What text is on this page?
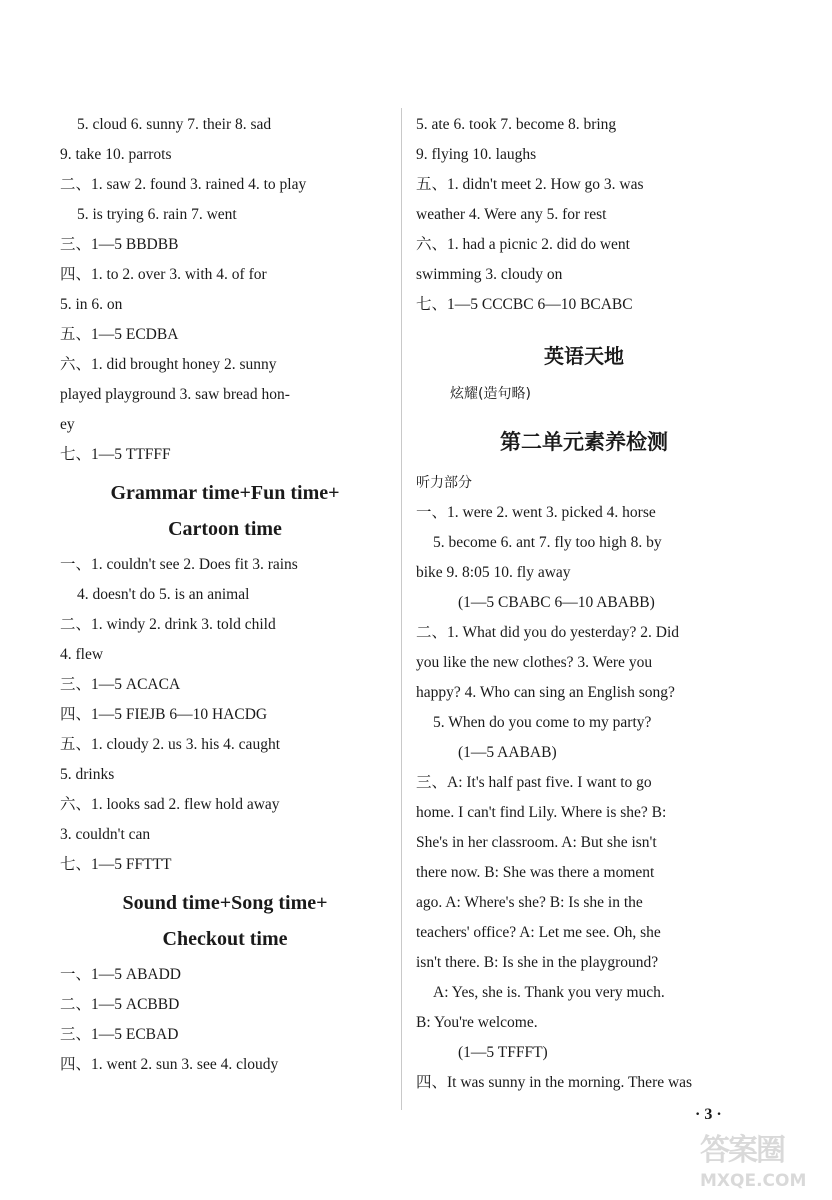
5. cloud 6. sunny 7. their 8. sad
9. take 10. parrots
二、1. saw 2. found 3. rained 4. to play
5. is trying 6. rain 7. went
三、1—5 BBDBB
四、1. to 2. over 3. with 4. of for
5. in 6. on
五、1—5 ECDBA
六、1. did brought honey 2. sunny
played playground 3. saw bread hon-
ey
七、1—5 TTFFF
Grammar time+Fun time+
Cartoon time
一、1. couldn't see 2. Does fit 3. rains
4. doesn't do 5. is an animal
二、1. windy 2. drink 3. told child
4. flew
三、1—5 ACACA
四、1—5 FIEJB 6—10 HACDG
五、1. cloudy 2. us 3. his 4. caught
5. drinks
六、1. looks sad 2. flew hold away
3. couldn't can
七、1—5 FFTTT
Sound time+Song time+
Checkout time
一、1—5 ABADD
二、1—5 ACBBD
三、1—5 ECBAD
四、1. went 2. sun 3. see 4. cloudy
5. ate 6. took 7. become 8. bring
9. flying 10. laughs
五、1. didn't meet 2. How go 3. was
weather 4. Were any 5. for rest
六、1. had a picnic 2. did do went
swimming 3. cloudy on
七、1—5 CCCBC 6—10 BCABC
英语天地
炫耀(造句略)
第二单元素养检测
听力部分
一、1. were 2. went 3. picked 4. horse
5. become 6. ant 7. fly too high 8. by
bike 9. 8:05 10. fly away
(1—5 CBABC 6—10 ABABB)
二、1. What did you do yesterday? 2. Did
you like the new clothes? 3. Were you
happy? 4. Who can sing an English song?
5. When do you come to my party?
(1—5 AABAB)
三、A: It's half past five. I want to go
home. I can't find Lily. Where is she? B:
She's in her classroom. A: But she isn't
there now. B: She was there a moment
ago. A: Where's she? B: Is she in the
teachers' office? A: Let me see. Oh, she
isn't there. B: Is she in the playground?
A: Yes, she is. Thank you very much.
B: You're welcome.
(1—5 TFFFT)
四、It was sunny in the morning. There was
· 3 ·
答案圈
MXQE.COM
